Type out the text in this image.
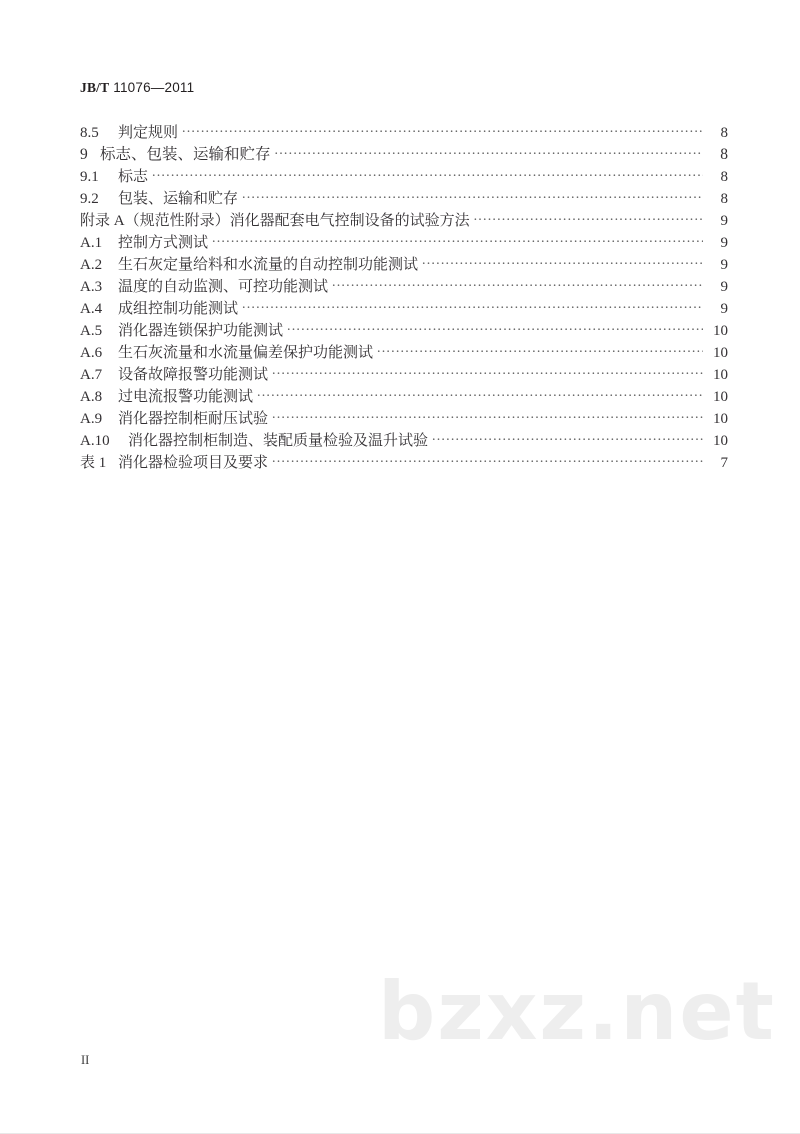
bzxz.net
JB/T 11076—2011
8.5	判定规则 .....	8
9 标志、包装、运输和贮存 .....	8
9.1	标志 .....	8
9.2	包装、运输和贮存 .....	8
附录 A（规范性附录） 消化器配套电气控制设备的试验方法 .....	9
A.1	控制方式测试 .....	9
A.2	生石灰定量给料和水流量的自动控制功能测试 .....	9
A.3	温度的自动监测、可控功能测试 .....	9
A.4	成组控制功能测试 .....	9
A.5	消化器连锁保护功能测试 .....	10
A.6	生石灰流量和水流量偏差保护功能测试 .....	10
A.7	设备故障报警功能测试 .....	10
A.8	过电流报警功能测试 .....	10
A.9	消化器控制柜耐压试验 .....	10
A.10	消化器控制柜制造、装配质量检验及温升试验 .....	10
表 1 消化器检验项目及要求 .....	7
II
